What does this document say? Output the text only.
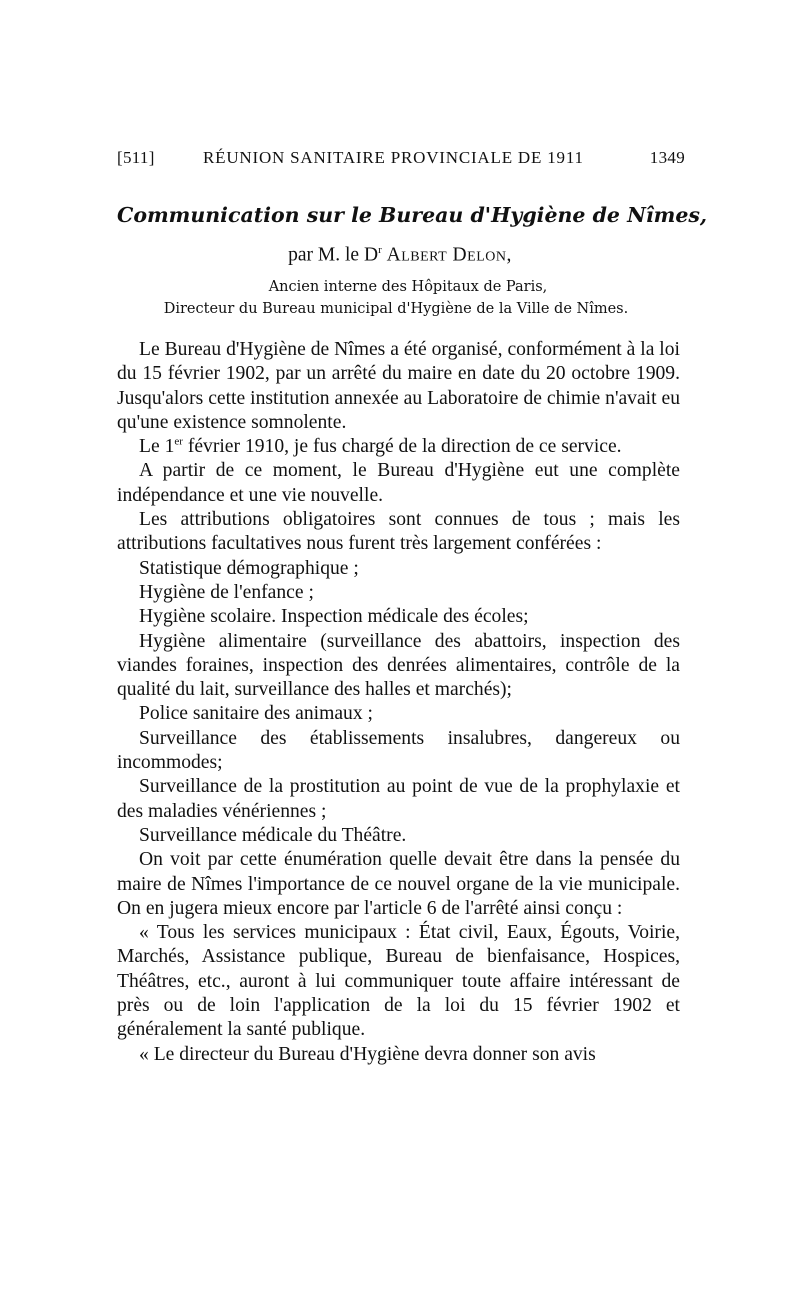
[511]	RÉUNION SANITAIRE PROVINCIALE DE 1911	1349
Communication sur le Bureau d'Hygiène de Nîmes,
par M. le $D^r$ Albert Delon,
Ancien interne des Hôpitaux de Paris,
Directeur du Bureau municipal d'Hygiène de la Ville de Nîmes.

Le Bureau d'Hygiène de Nîmes a été organisé, conformément à la loi du 15 février 1902, par un arrêté du maire en date du 20 octobre 1909. Jusqu'alors cette institution annexée au Laboratoire de chimie n'avait eu qu'une existence somnolente.

Le 1er février 1910, je fus chargé de la direction de ce service.

A partir de ce moment, le Bureau d'Hygiène eut une complète indépendance et une vie nouvelle.

Les attributions obligatoires sont connues de tous ; mais les attributions facultatives nous furent très largement conférées :

Statistique démographique ;

Hygiène de l'enfance ;

Hygiène scolaire. Inspection médicale des écoles;

Hygiène alimentaire (surveillance des abattoirs, inspection des viandes foraines, inspection des denrées alimentaires, contrôle de la qualité du lait, surveillance des halles et marchés);

Police sanitaire des animaux ;

Surveillance des établissements insalubres, dangereux ou incommodes;

Surveillance de la prostitution au point de vue de la prophylaxie et des maladies vénériennes ;

Surveillance médicale du Théâtre.

On voit par cette énumération quelle devait être dans la pensée du maire de Nîmes l'importance de ce nouvel organe de la vie municipale. On en jugera mieux encore par l'article 6 de l'arrêté ainsi conçu :

« Tous les services municipaux : État civil, Eaux, Égouts, Voirie, Marchés, Assistance publique, Bureau de bienfaisance, Hospices, Théâtres, etc., auront à lui communiquer toute affaire intéressant de près ou de loin l'application de la loi du 15 février 1902 et généralement la santé publique.

« Le directeur du Bureau d'Hygiène devra donner son avis
